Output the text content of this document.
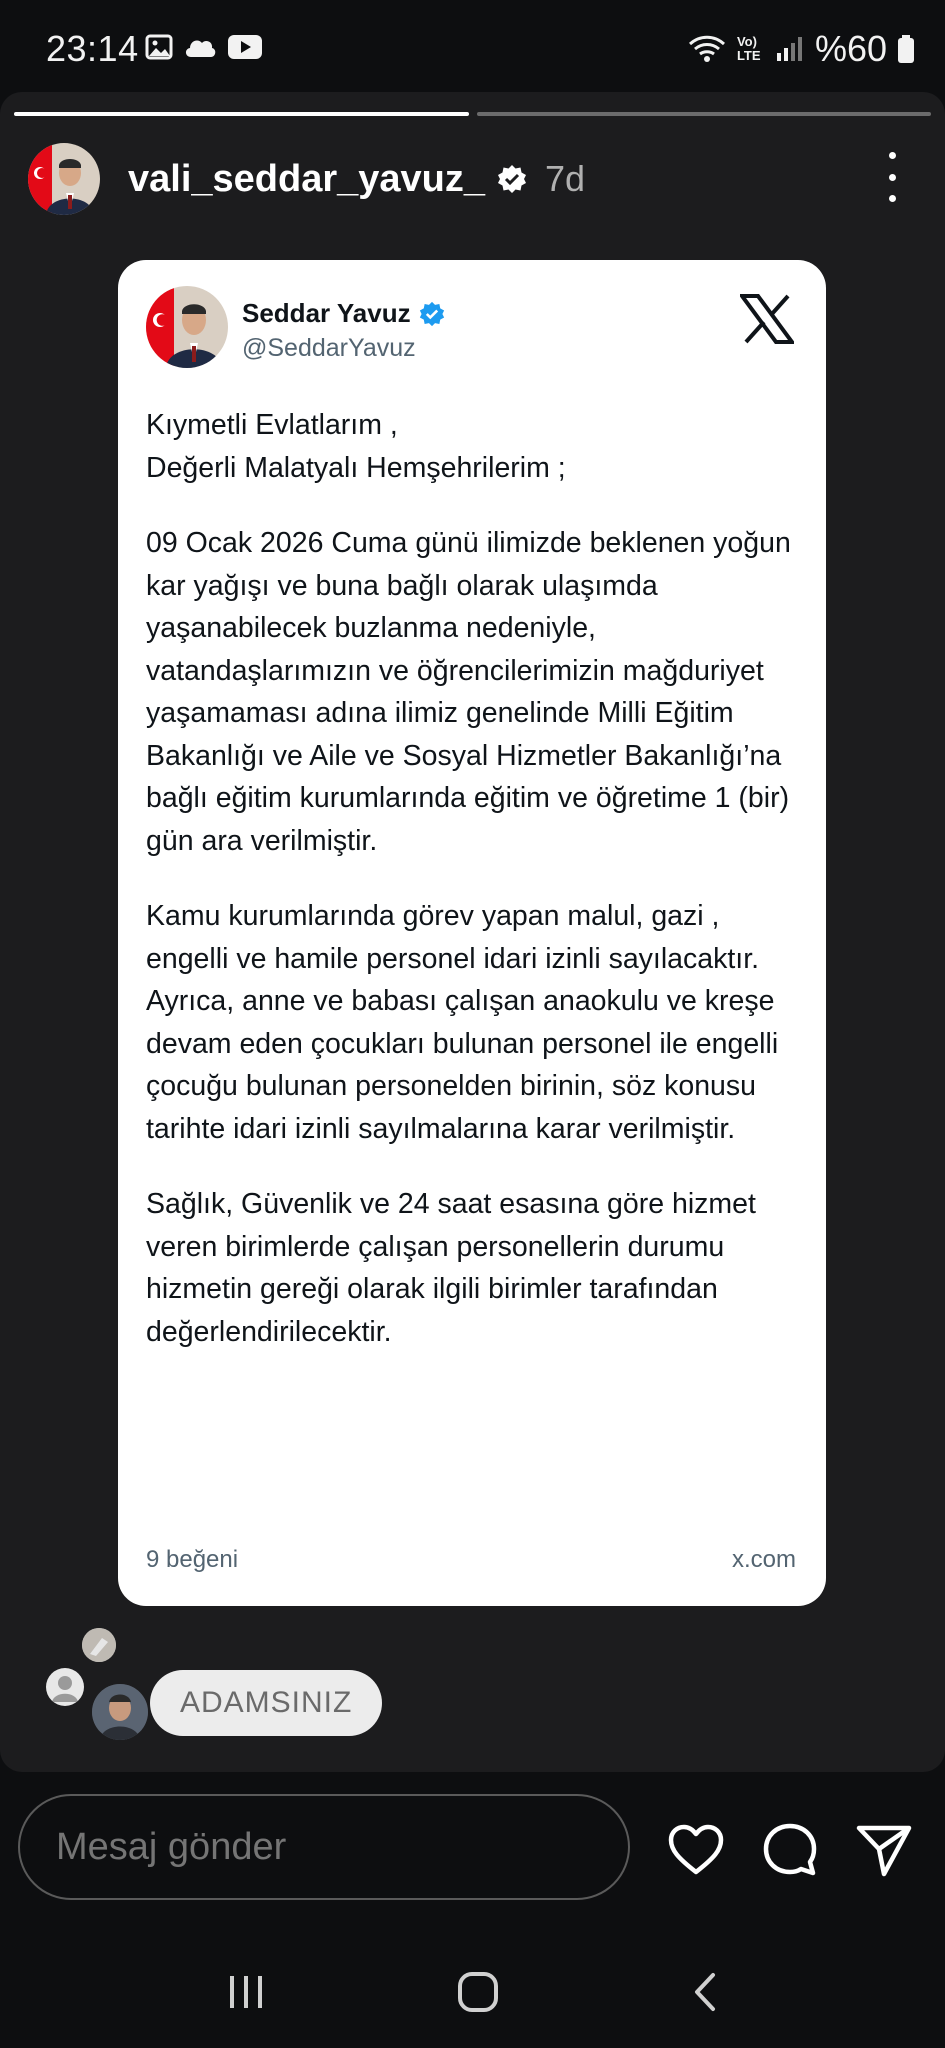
23:14	Vo) LTE %60
vali_seddar_yavuz_ 7d
Seddar Yavuz
@SeddarYavuz

Kıymetli Evlatlarım ,
Değerli Malatyalı Hemşehrilerim ;

09 Ocak 2026 Cuma günü ilimizde beklenen yoğun kar yağışı ve buna bağlı olarak ulaşımda yaşanabilecek buzlanma nedeniyle, vatandaşlarımızın ve öğrencilerimizin mağduriyet yaşamaması adına ilimiz genelinde Milli Eğitim Bakanlığı ve Aile ve Sosyal Hizmetler Bakanlığı’na bağlı eğitim kurumlarında eğitim ve öğretime 1 (bir) gün ara verilmiştir.

Kamu kurumlarında görev yapan malul, gazi , engelli ve hamile personel idari izinli sayılacaktır. Ayrıca, anne ve babası çalışan anaokulu ve kreşe devam eden çocukları bulunan personel ile engelli çocuğu bulunan personelden birinin, söz konusu tarihte idari izinli sayılmalarına karar verilmiştir.

Sağlık, Güvenlik ve 24 saat esasına göre hizmet veren birimlerde çalışan personellerin durumu hizmetin gereği olarak ilgili birimler tarafından değerlendirilecektir.

9 beğeni	x.com
ADAMSINIZ
Mesaj gönder
